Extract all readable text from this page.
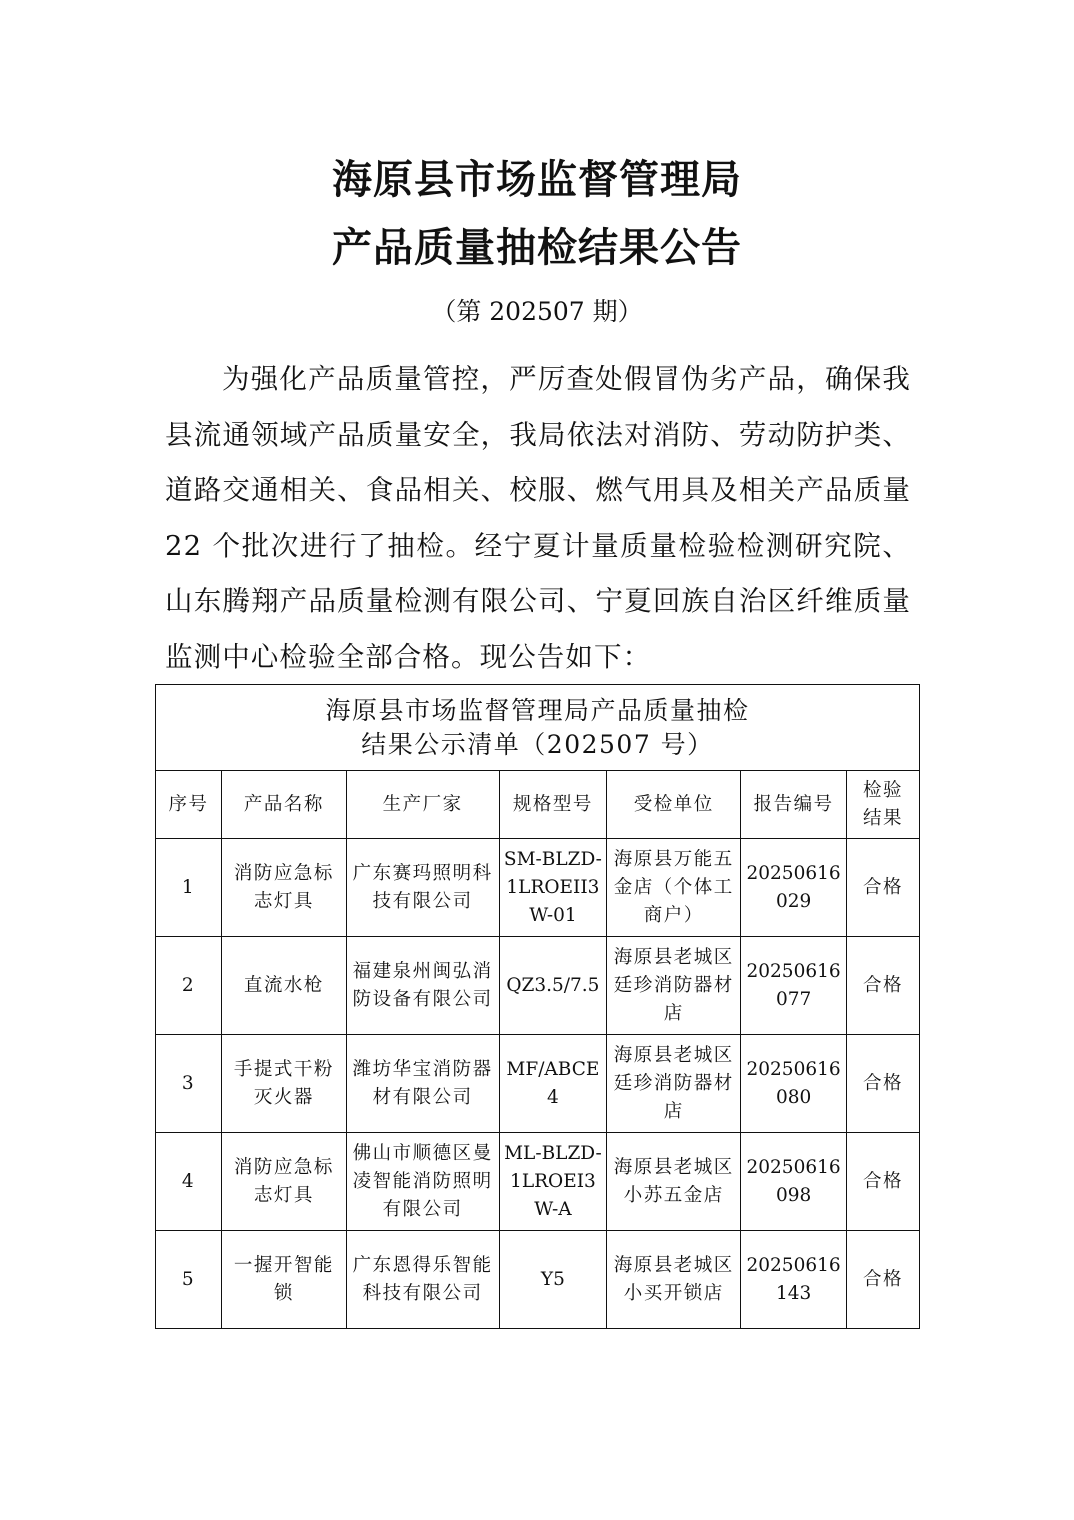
海原县市场监督管理局
产品质量抽检结果公告
（第 202507 期）
为强化产品质量管控，严厉查处假冒伪劣产品，确保我县流通领域产品质量安全，我局依法对消防、劳动防护类、道路交通相关、食品相关、校服、燃气用具及相关产品质量22 个批次进行了抽检。经宁夏计量质量检验检测研究院、山东腾翔产品质量检测有限公司、宁夏回族自治区纤维质量监测中心检验全部合格。现公告如下：
海原县市场监督管理局产品质量抽检
结果公示清单（202507 号）						

序号	产品名称	生产厂家	规格型号	受检单位	报告编号	检验结果
1	消防应急标志灯具	广东赛玛照明科技有限公司	SM-BLZD-1LROEII3W-01	海原县万能五金店（个体工商户）	20250616029	合格
2	直流水枪	福建泉州闽弘消防设备有限公司	QZ3.5/7.5	海原县老城区廷珍消防器材店	20250616077	合格
3	手提式干粉灭火器	潍坊华宝消防器材有限公司	MF/ABCE4	海原县老城区廷珍消防器材店	20250616080	合格
4	消防应急标志灯具	佛山市顺德区曼凌智能消防照明有限公司	ML-BLZD-1LROEI3W-A	海原县老城区小苏五金店	20250616098	合格
5	一握开智能锁	广东恩得乐智能科技有限公司	Y5	海原县老城区小买开锁店	20250616143	合格
